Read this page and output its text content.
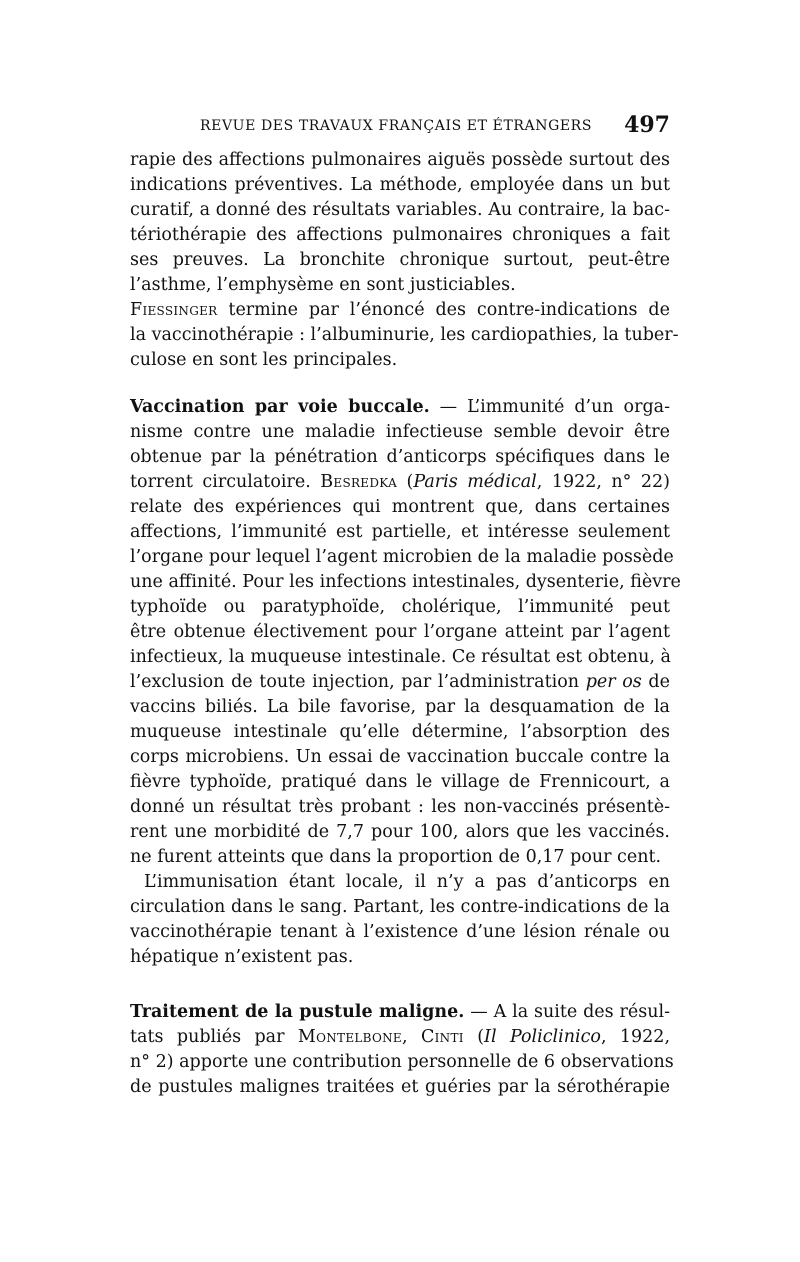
REVUE DES TRAVAUX FRANÇAIS ET ÉTRANGERS 497
rapie des affections pulmonaires aiguës possède surtout des
indications préventives. La méthode, employée dans un but
curatif, a donné des résultats variables. Au contraire, la bac-
tériothérapie des affections pulmonaires chroniques a fait
ses preuves. La bronchite chronique surtout, peut-être
l’asthme, l’emphysème en sont justiciables.
Fiessinger termine par l’énoncé des contre-indications de
la vaccinothérapie : l’albuminurie, les cardiopathies, la tuber-
culose en sont les principales.
Vaccination par voie buccale. — L’immunité d’un orga-
nisme contre une maladie infectieuse semble devoir être
obtenue par la pénétration d’anticorps spécifiques dans le
torrent circulatoire. Besredka (Paris médical, 1922, n° 22)
relate des expériences qui montrent que, dans certaines
affections, l’immunité est partielle, et intéresse seulement
l’organe pour lequel l’agent microbien de la maladie possède
une affinité. Pour les infections intestinales, dysenterie, fièvre
typhoïde ou paratyphoïde, cholérique, l’immunité peut
être obtenue électivement pour l’organe atteint par l’agent
infectieux, la muqueuse intestinale. Ce résultat est obtenu, à
l’exclusion de toute injection, par l’administration per os de
vaccins biliés. La bile favorise, par la desquamation de la
muqueuse intestinale qu’elle détermine, l’absorption des
corps microbiens. Un essai de vaccination buccale contre la
fièvre typhoïde, pratiqué dans le village de Frennicourt, a
donné un résultat très probant : les non-vaccinés présentè-
rent une morbidité de 7,7 pour 100, alors que les vaccinés.
ne furent atteints que dans la proportion de 0,17 pour cent.
L’immunisation étant locale, il n’y a pas d’anticorps en
circulation dans le sang. Partant, les contre-indications de la
vaccinothérapie tenant à l’existence d’une lésion rénale ou
hépatique n’existent pas.
Traitement de la pustule maligne. — A la suite des résul-
tats publiés par Montelbone, Cinti (Il Policlinico, 1922,
n° 2) apporte une contribution personnelle de 6 observations
de pustules malignes traitées et guéries par la sérothérapie
